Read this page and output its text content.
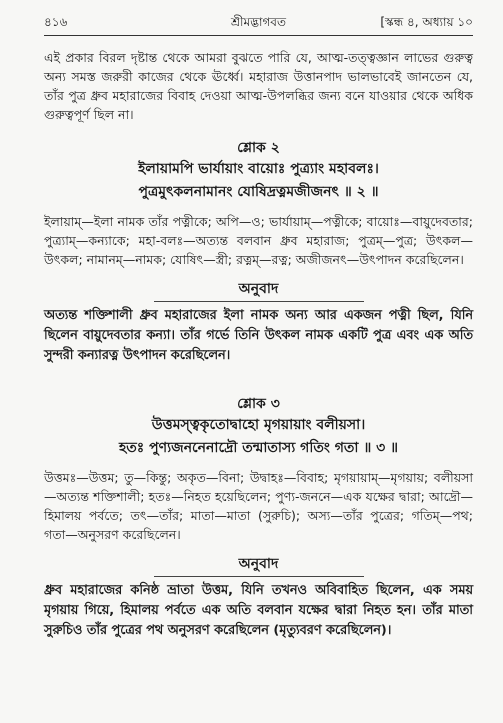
৪১৬	শ্রীমদ্ভাগবত	[স্কন্ধ ৪, অধ্যায় ১০

এই প্রকার বিরল দৃষ্টান্ত থেকে আমরা বুঝতে পারি যে, আত্ম-তত্ত্বজ্ঞান লাভের গুরুত্ব অন্য সমস্ত জরুরী কাজের থেকে ঊর্ধ্বে। মহারাজ উত্তানপাদ ভালভাবেই জানতেন যে, তাঁর পুত্র ধ্রুব মহারাজের বিবাহ দেওয়া আত্ম-উপলব্ধির জন্য বনে যাওয়ার থেকে অধিক গুরুত্বপূর্ণ ছিল না।

শ্লোক ২
ইলায়ামপি ভার্যায়াং বায়োঃ পুত্র্যাং মহাবলঃ।
পুত্রমুৎকলনামানং যোষিদ্রত্নমজীজনৎ ॥ ২ ॥

ইলায়াম্—ইলা নামক তাঁর পত্নীকে; অপি—ও; ভার্যায়াম্—পত্নীকে; বায়োঃ—বায়ুদেবতার; পুত্র্যাম্—কন্যাকে; মহা-বলঃ—অত্যন্ত বলবান ধ্রুব মহারাজ; পুত্রম্—পুত্র; উৎকল—উৎকল; নামানম্—নামক; যোষিৎ—স্ত্রী; রত্নম্—রত্ন; অজীজনৎ—উৎপাদন করেছিলেন।

অনুবাদ

অত্যন্ত শক্তিশালী ধ্রুব মহারাজের ইলা নামক অন্য আর একজন পত্নী ছিল, যিনি ছিলেন বায়ুদেবতার কন্যা। তাঁর গর্ভে তিনি উৎকল নামক একটি পুত্র এবং এক অতি সুন্দরী কন্যারত্ন উৎপাদন করেছিলেন।

শ্লোক ৩
উত্তমস্ত্বকৃতোদ্বাহো মৃগয়ায়াং বলীয়সা।
হতঃ পুণ্যজননেনাদ্রৌ তন্মাতাস্য গতিং গতা ॥ ৩ ॥

উত্তমঃ—উত্তম; তু—কিন্তু; অকৃত—বিনা; উদ্বাহঃ—বিবাহ; মৃগয়ায়াম্—মৃগয়ায়; বলীয়সা—অত্যন্ত শক্তিশালী; হতঃ—নিহত হয়েছিলেন; পুণ্য-জননে—এক যক্ষের দ্বারা; আদ্রৌ—হিমালয় পর্বতে; তৎ—তাঁর; মাতা—মাতা (সুরুচি); অস্য—তাঁর পুত্রের; গতিম্—পথ; গতা—অনুসরণ করেছিলেন।

অনুবাদ

ধ্রুব মহারাজের কনিষ্ঠ ভ্রাতা উত্তম, যিনি তখনও অবিবাহিত ছিলেন, এক সময় মৃগয়ায় গিয়ে, হিমালয় পর্বতে এক অতি বলবান যক্ষের দ্বারা নিহত হন। তাঁর মাতা সুরুচিও তাঁর পুত্রের পথ অনুসরণ করেছিলেন (মৃত্যুবরণ করেছিলেন)।
